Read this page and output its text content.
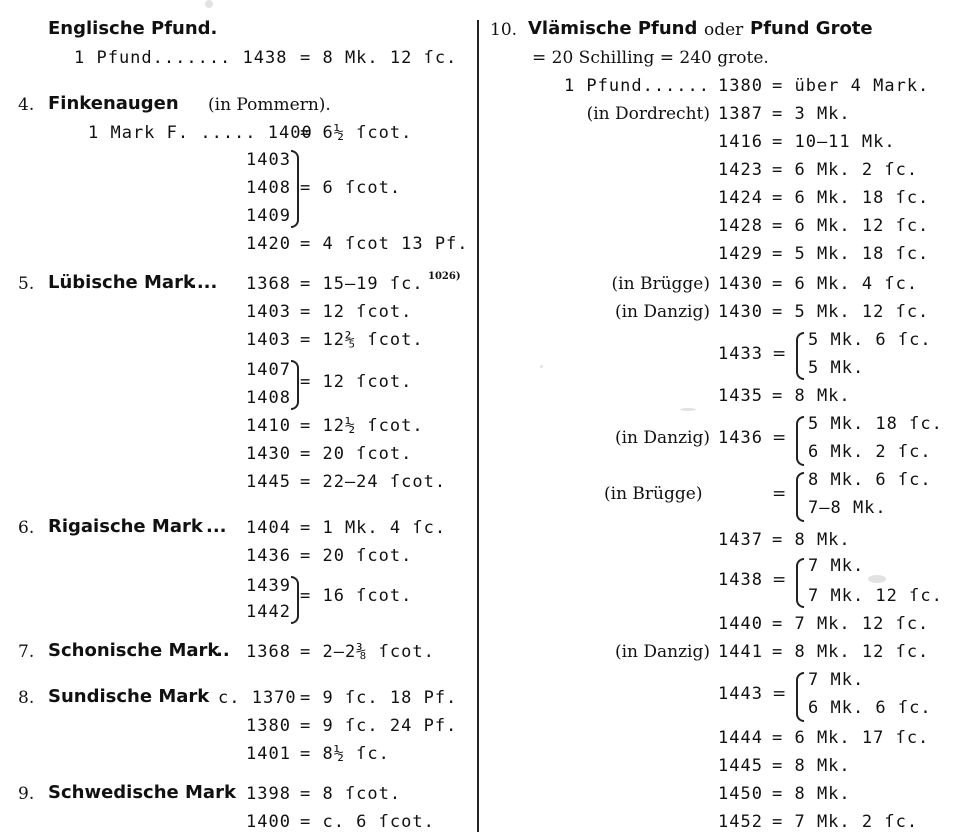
Englische Pfund.
1 Pfund....... 1438 = 8 Mk. 12 ſc.
4. Finkenaugen (in Pommern).
1 Mark F. ..... 1400
= 6½ ſcot.
1403
1408
1409
= 6 ſcot.
1420 = 4 ſcot 13 Pf.
5. Lübische Mark
.... 1368 = 15—19 ſc. 1026)
1403 = 12 ſcot.
1403 = 12⅖ ſcot.
1407
1408
= 12 ſcot.
1410 = 12½ ſcot.
1430 = 20 ſcot.
1445 = 22—24 ſcot.
6. Rigaische Mark ... 1404 = 1 Mk. 4 ſc.
1436 = 20 ſcot.
1439
1442
= 16 ſcot.
7. Schonische Mark
.. 1368 = 2—2⅜ ſcot.
8. Sundische Mark c. 1370 = 9 ſc. 18 Pf.
1380 = 9 ſc. 24 Pf.
1401 = 8½ ſc.
9. Schwedische Mark 1398 = 8 ſcot.
1400 = c. 6 ſcot.
10. Vlämische Pfund oder Pfund Grote
= 20 Schilling = 240 grote.
1 Pfund...... 1380 = über 4 Mark.
(in Dordrecht) 1387 = 3 Mk.
1416 = 10—11 Mk.
1423 = 6 Mk. 2 ſc.
1424 = 6 Mk. 18 ſc.
1428 = 6 Mk. 12 ſc.
1429 = 5 Mk. 18 ſc.
(in Brügge) 1430 = 6 Mk. 4 ſc.
(in Danzig) 1430 = 5 Mk. 12 ſc.
1433 =
5 Mk. 6 ſc.
5 Mk.
1435 = 8 Mk.
(in Danzig) 1436 =
5 Mk. 18 ſc.
6 Mk. 2 ſc.
(in Brügge)	=
8 Mk. 6 ſc.
7—8 Mk.
1437 = 8 Mk.
1438 =
7 Mk.
7 Mk. 12 ſc.
1440 = 7 Mk. 12 ſc.
(in Danzig) 1441 = 8 Mk. 12 ſc.
1443 =
7 Mk.
6 Mk. 6 ſc.
1444 = 6 Mk. 17 ſc.
1445 = 8 Mk.
1450 = 8 Mk.
1452 = 7 Mk. 2 ſc.
